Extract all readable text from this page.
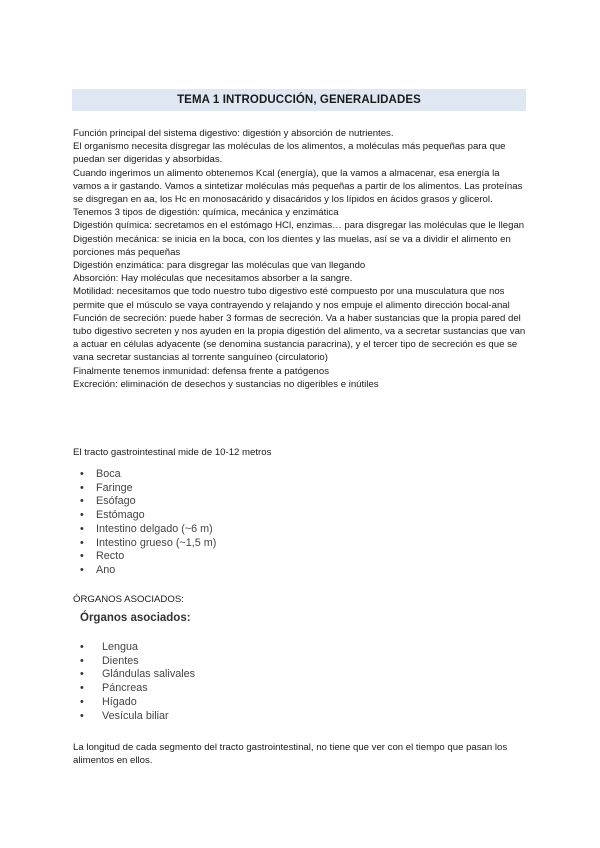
TEMA 1 INTRODUCCIÓN, GENERALIDADES

Función principal del sistema digestivo: digestión y absorción de nutrientes.

El organismo necesita disgregar las moléculas de los alimentos, a moléculas más pequeñas para que puedan ser digeridas y absorbidas.

Cuando ingerimos un alimento obtenemos Kcal (energía), que la vamos a almacenar, esa energía la vamos a ir gastando. Vamos a sintetizar moléculas más pequeñas a partir de los alimentos. Las proteínas se disgregan en aa, los Hc en monosacárido y disacáridos y los lípidos en ácidos grasos y glicerol.

Tenemos 3 tipos de digestión: química, mecánica y enzimática

Digestión química: secretamos en el estómago HCl, enzimas… para disgregar las moléculas que le llegan

Digestión mecánica: se inicia en la boca, con los dientes y las muelas, así se va a dividir el alimento en porciones más pequeñas

Digestión enzimática: para disgregar las moléculas que van llegando

Absorción: Hay moléculas que necesitamos absorber a la sangre.

Motilidad: necesitamos que todo nuestro tubo digestivo esté compuesto por una musculatura que nos permite que el músculo se vaya contrayendo y relajando y nos empuje el alimento dirección bocal-anal

Función de secreción: puede haber 3 formas de secreción. Va a haber sustancias que la propia pared del tubo digestivo secreten y nos ayuden en la propia digestión del alimento, va a secretar sustancias que van a actuar en células adyacente (se denomina sustancia paracrina), y el tercer tipo de secreción es que se vana secretar sustancias al torrente sanguíneo (circulatorio)

Finalmente tenemos inmunidad: defensa frente a patógenos

Excreción: eliminación de desechos y sustancias no digeribles e inútiles

El tracto gastrointestinal mide de 10-12 metros
• Boca
• Faringe
• Esófago
• Estómago
• Intestino delgado (~6 m)
• Intestino grueso (~1,5 m)
• Recto
• Ano
ÓRGANOS ASOCIADOS:
Órganos asociados:
• Lengua
• Dientes
• Glándulas salivales
• Páncreas
• Hígado
• Vesícula biliar
La longitud de cada segmento del tracto gastrointestinal, no tiene que ver con el tiempo que pasan los alimentos en ellos.
